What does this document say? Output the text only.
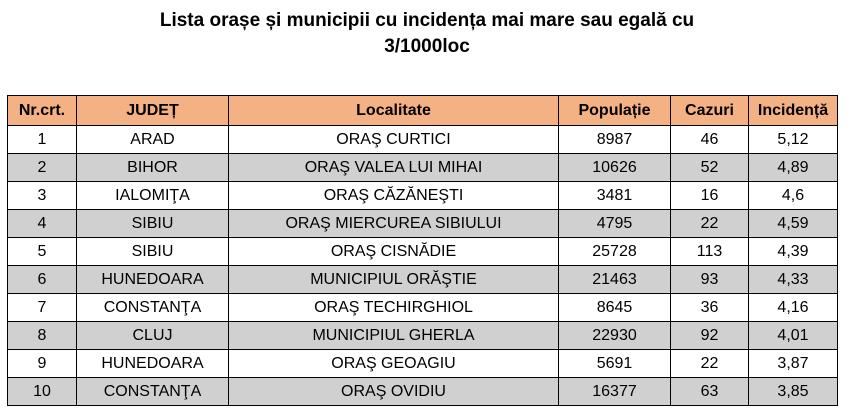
Lista orașe și municipii cu incidența mai mare sau egală cu
3/1000loc
Nr.crt.	JUDEȚ	Localitate	Populație	Cazuri	Incidență
1	ARAD	ORAŞ CURTICI	8987	46	5,12
2	BIHOR	ORAŞ VALEA LUI MIHAI	10626	52	4,89
3	IALOMIŢA	ORAŞ CĂZĂNEŞTI	3481	16	4,6
4	SIBIU	ORAŞ MIERCUREA SIBIULUI	4795	22	4,59
5	SIBIU	ORAŞ CISNĂDIE	25728	113	4,39
6	HUNEDOARA	MUNICIPIUL ORĂŞTIE	21463	93	4,33
7	CONSTANŢA	ORAŞ TECHIRGHIOL	8645	36	4,16
8	CLUJ	MUNICIPIUL GHERLA	22930	92	4,01
9	HUNEDOARA	ORAŞ GEOAGIU	5691	22	3,87
10	CONSTANŢA	ORAŞ OVIDIU	16377	63	3,85
